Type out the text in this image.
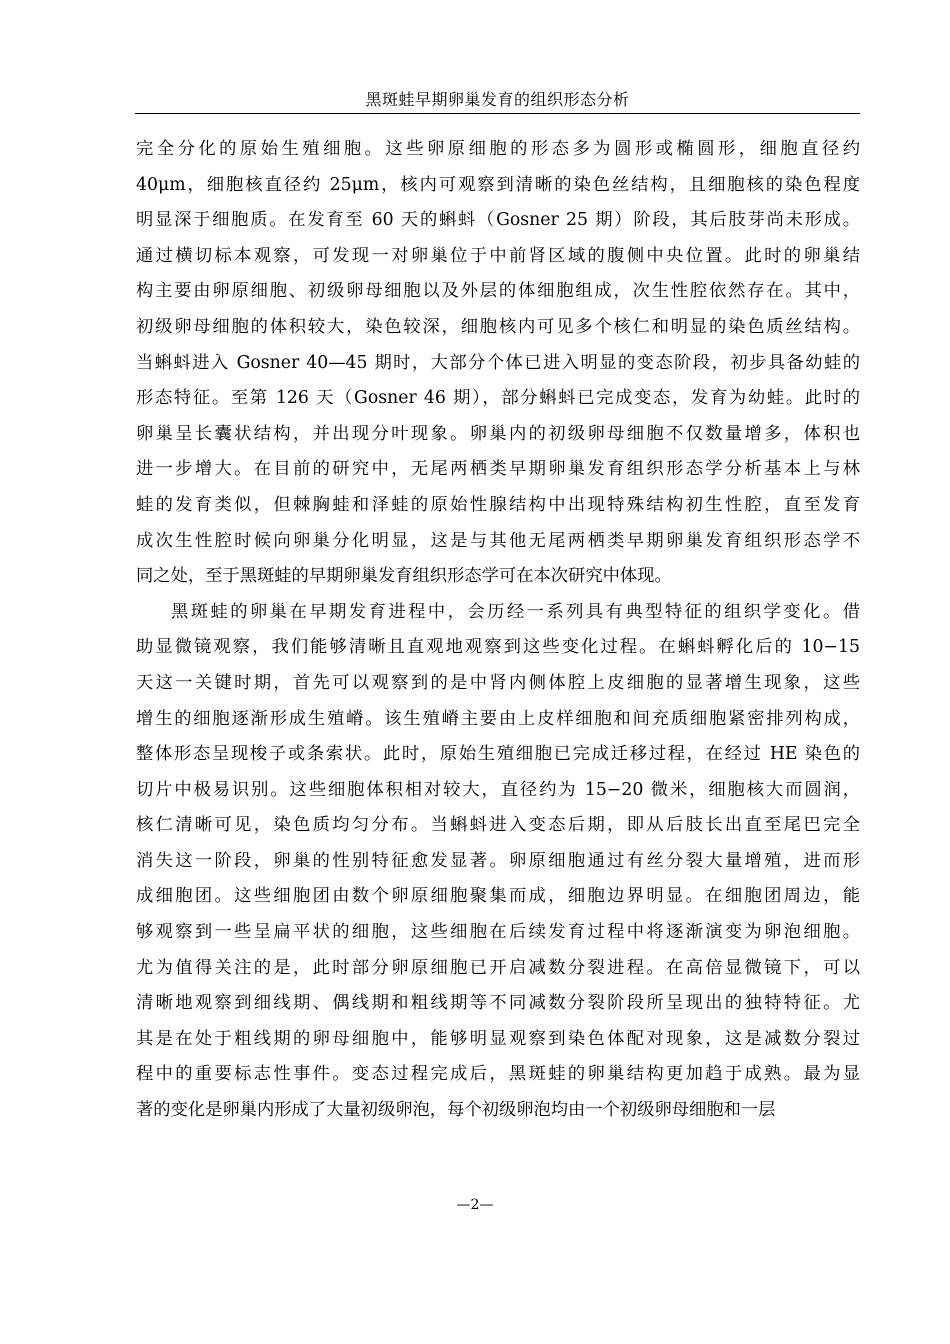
黑斑蛙早期卵巢发育的组织形态分析
完全分化的原始生殖细胞。这些卵原细胞的形态多为圆形或椭圆形，细胞直径约
40μm，细胞核直径约 25μm，核内可观察到清晰的染色丝结构，且细胞核的染色程度
明显深于细胞质。在发育至 60 天的蝌蚪（Gosner 25 期）阶段，其后肢芽尚未形成。
通过横切标本观察，可发现一对卵巢位于中前肾区域的腹侧中央位置。此时的卵巢结
构主要由卵原细胞、初级卵母细胞以及外层的体细胞组成，次生性腔依然存在。其中，
初级卵母细胞的体积较大，染色较深，细胞核内可见多个核仁和明显的染色质丝结构。
当蝌蚪进入 Gosner 40—45 期时，大部分个体已进入明显的变态阶段，初步具备幼蛙的
形态特征。至第 126 天（Gosner 46 期），部分蝌蚪已完成变态，发育为幼蛙。此时的
卵巢呈长囊状结构，并出现分叶现象。卵巢内的初级卵母细胞不仅数量增多，体积也
进一步增大。在目前的研究中，无尾两栖类早期卵巢发育组织形态学分析基本上与林
蛙的发育类似，但棘胸蛙和泽蛙的原始性腺结构中出现特殊结构初生性腔，直至发育
成次生性腔时候向卵巢分化明显，这是与其他无尾两栖类早期卵巢发育组织形态学不
同之处，至于黑斑蛙的早期卵巢发育组织形态学可在本次研究中体现。
黑斑蛙的卵巢在早期发育进程中，会历经一系列具有典型特征的组织学变化。借
助显微镜观察，我们能够清晰且直观地观察到这些变化过程。在蝌蚪孵化后的 10−15
天这一关键时期，首先可以观察到的是中肾内侧体腔上皮细胞的显著增生现象，这些
增生的细胞逐渐形成生殖嵴。该生殖嵴主要由上皮样细胞和间充质细胞紧密排列构成，
整体形态呈现梭子或条索状。此时，原始生殖细胞已完成迁移过程，在经过 HE 染色的
切片中极易识别。这些细胞体积相对较大，直径约为 15−20 微米，细胞核大而圆润，
核仁清晰可见，染色质均匀分布。当蝌蚪进入变态后期，即从后肢长出直至尾巴完全
消失这一阶段，卵巢的性别特征愈发显著。卵原细胞通过有丝分裂大量增殖，进而形
成细胞团。这些细胞团由数个卵原细胞聚集而成，细胞边界明显。在细胞团周边，能
够观察到一些呈扁平状的细胞，这些细胞在后续发育过程中将逐渐演变为卵泡细胞。
尤为值得关注的是，此时部分卵原细胞已开启减数分裂进程。在高倍显微镜下，可以
清晰地观察到细线期、偶线期和粗线期等不同减数分裂阶段所呈现出的独特特征。尤
其是在处于粗线期的卵母细胞中，能够明显观察到染色体配对现象，这是减数分裂过
程中的重要标志性事件。变态过程完成后，黑斑蛙的卵巢结构更加趋于成熟。最为显
著的变化是卵巢内形成了大量初级卵泡，每个初级卵泡均由一个初级卵母细胞和一层
—2—
